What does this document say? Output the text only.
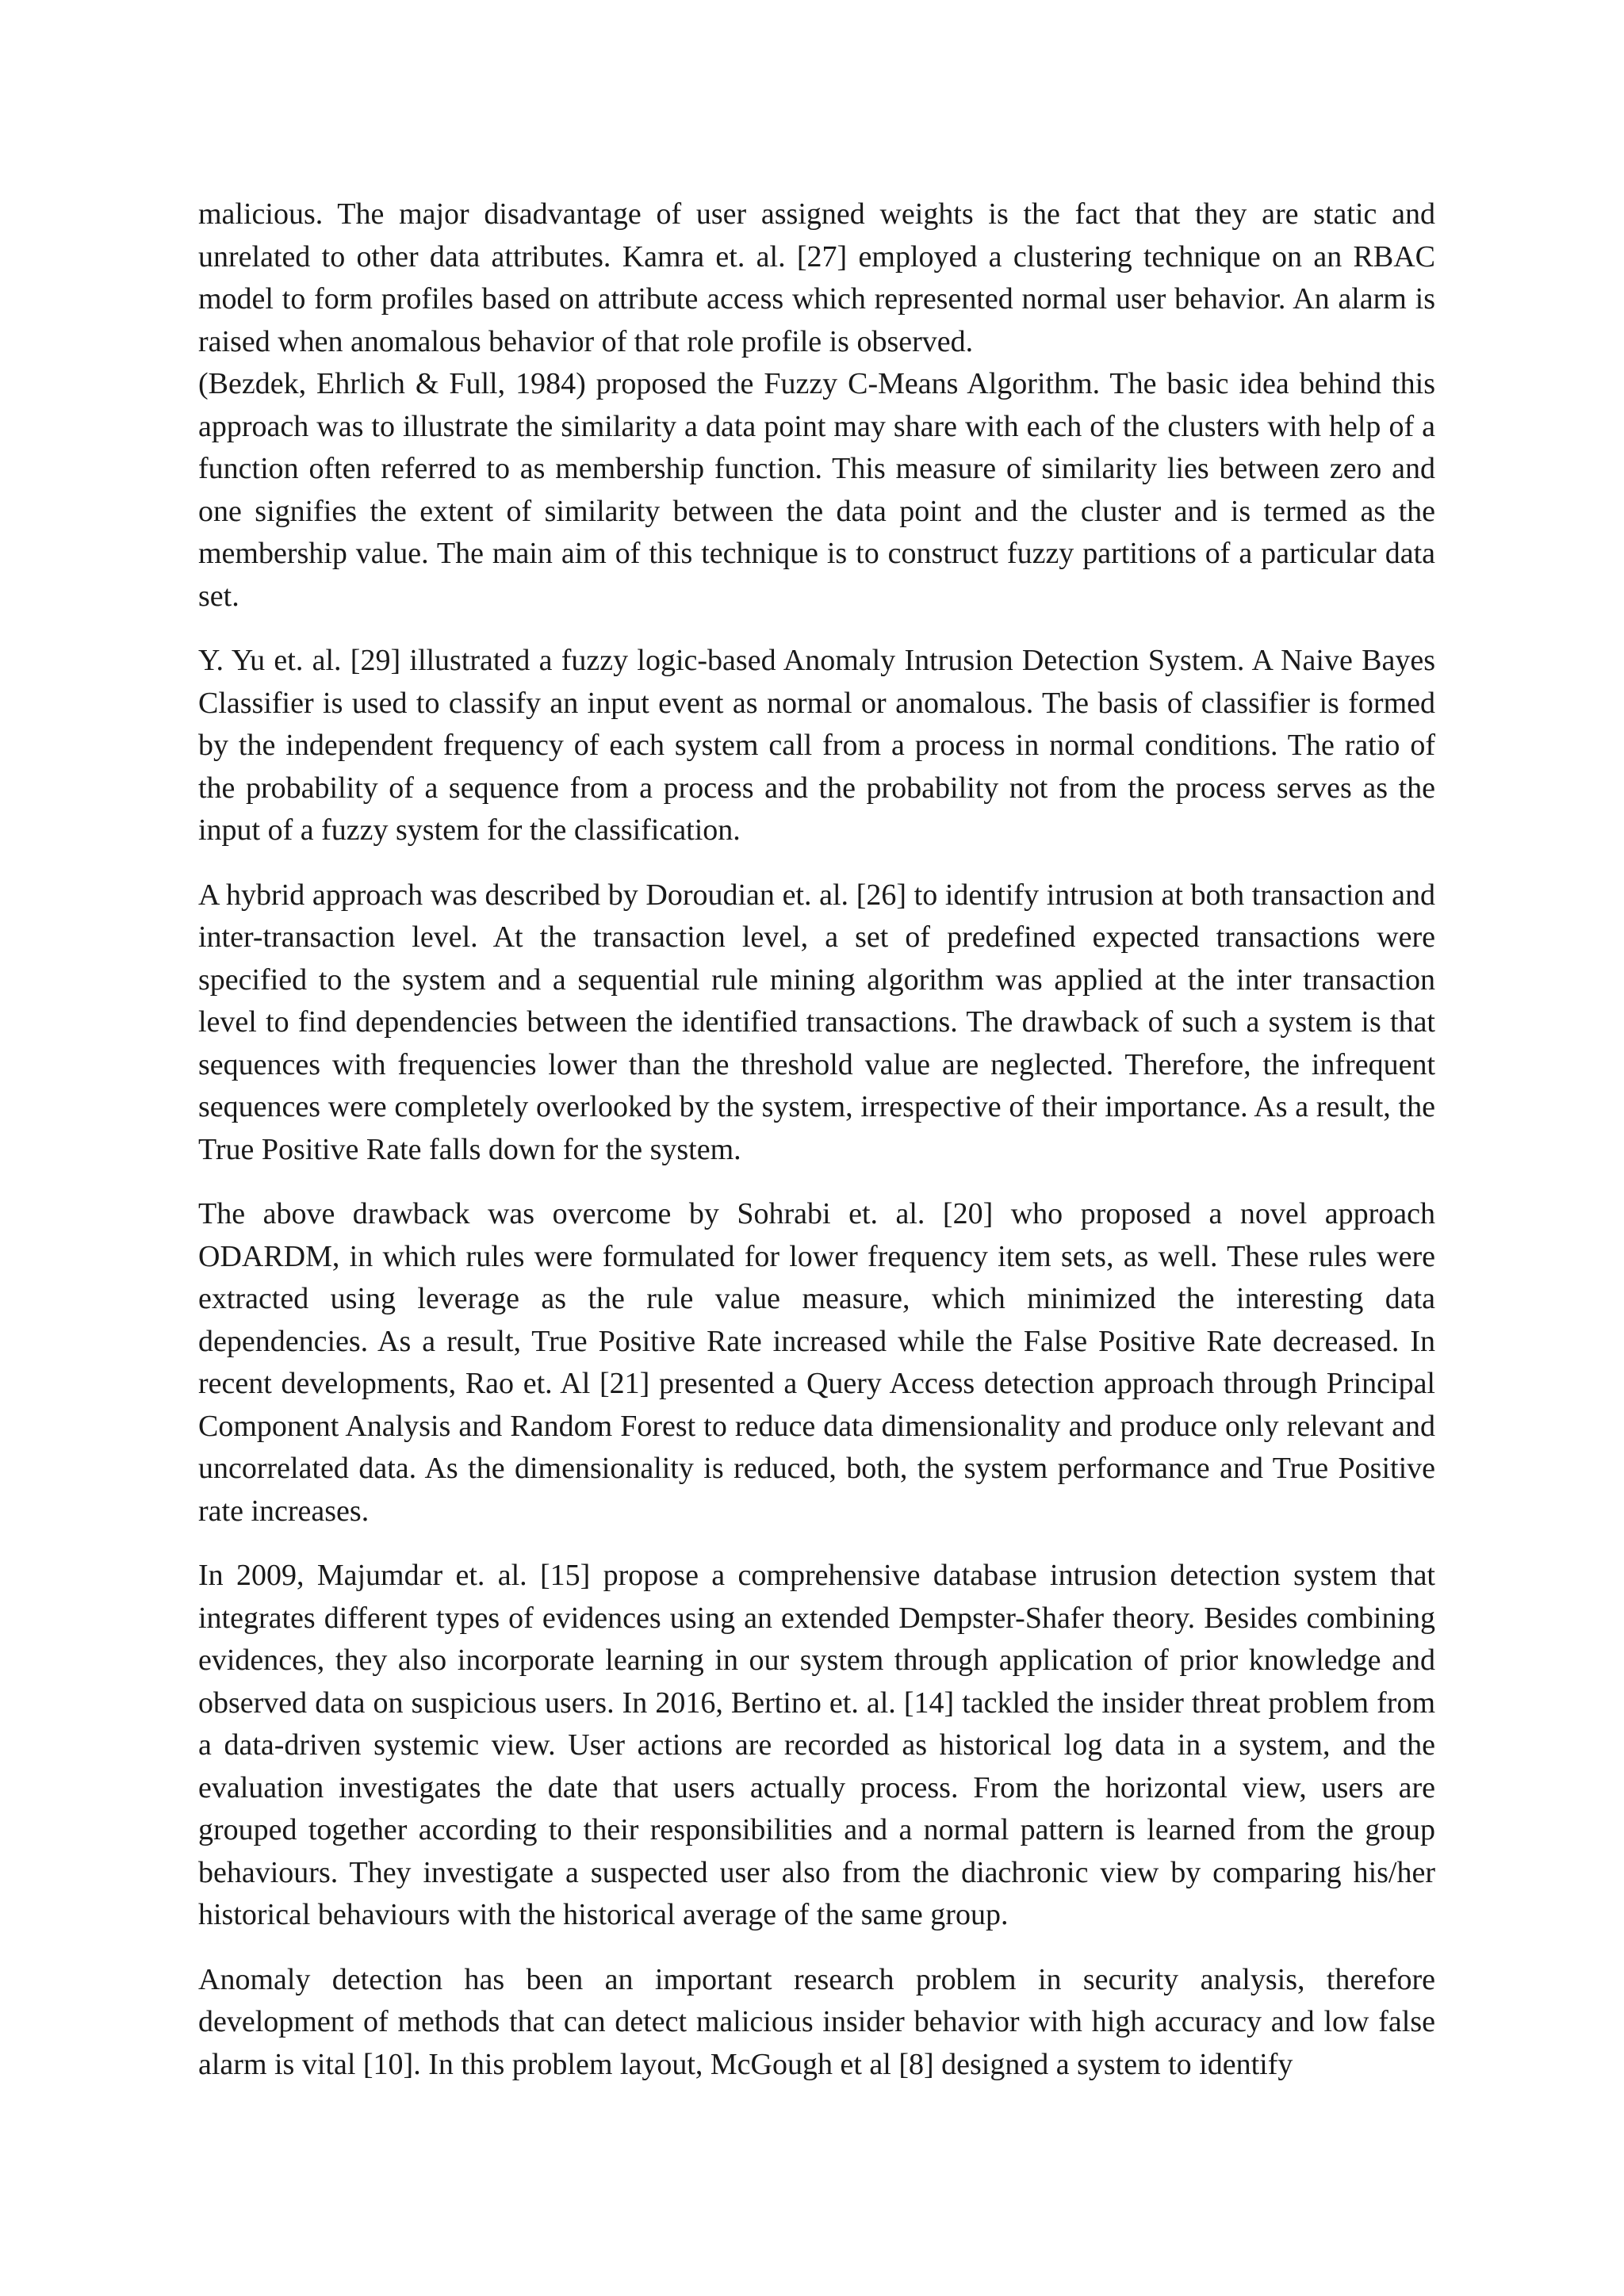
malicious. The major disadvantage of user assigned weights is the fact that they are static and unrelated to other data attributes. Kamra et. al. [27] employed a clustering technique on an RBAC model to form profiles based on attribute access which represented normal user behavior. An alarm is raised when anomalous behavior of that role profile is observed.

(Bezdek, Ehrlich & Full, 1984) proposed the Fuzzy C-Means Algorithm. The basic idea behind this approach was to illustrate the similarity a data point may share with each of the clusters with help of a function often referred to as membership function. This measure of similarity lies between zero and one signifies the extent of similarity between the data point and the cluster and is termed as the membership value. The main aim of this technique is to construct fuzzy partitions of a particular data set.

Y. Yu et. al. [29] illustrated a fuzzy logic-based Anomaly Intrusion Detection System. A Naive Bayes Classifier is used to classify an input event as normal or anomalous. The basis of classifier is formed by the independent frequency of each system call from a process in normal conditions. The ratio of the probability of a sequence from a process and the probability not from the process serves as the input of a fuzzy system for the classification.

A hybrid approach was described by Doroudian et. al. [26] to identify intrusion at both transaction and inter-transaction level. At the transaction level, a set of predefined expected transactions were specified to the system and a sequential rule mining algorithm was applied at the inter transaction level to find dependencies between the identified transactions. The drawback of such a system is that sequences with frequencies lower than the threshold value are neglected. Therefore, the infrequent sequences were completely overlooked by the system, irrespective of their importance. As a result, the True Positive Rate falls down for the system.

The above drawback was overcome by Sohrabi et. al. [20] who proposed a novel approach ODARDM, in which rules were formulated for lower frequency item sets, as well. These rules were extracted using leverage as the rule value measure, which minimized the interesting data dependencies. As a result, True Positive Rate increased while the False Positive Rate decreased. In recent developments, Rao et. Al [21] presented a Query Access detection approach through Principal Component Analysis and Random Forest to reduce data dimensionality and produce only relevant and uncorrelated data. As the dimensionality is reduced, both, the system performance and True Positive rate increases.

In 2009, Majumdar et. al. [15] propose a comprehensive database intrusion detection system that integrates different types of evidences using an extended Dempster-Shafer theory. Besides combining evidences, they also incorporate learning in our system through application of prior knowledge and observed data on suspicious users. In 2016, Bertino et. al. [14] tackled the insider threat problem from a data-driven systemic view. User actions are recorded as historical log data in a system, and the evaluation investigates the date that users actually process. From the horizontal view, users are grouped together according to their responsibilities and a normal pattern is learned from the group behaviours. They investigate a suspected user also from the diachronic view by comparing his/her historical behaviours with the historical average of the same group.

Anomaly detection has been an important research problem in security analysis, therefore development of methods that can detect malicious insider behavior with high accuracy and low false alarm is vital [10]. In this problem layout, McGough et al [8] designed a system to identify
